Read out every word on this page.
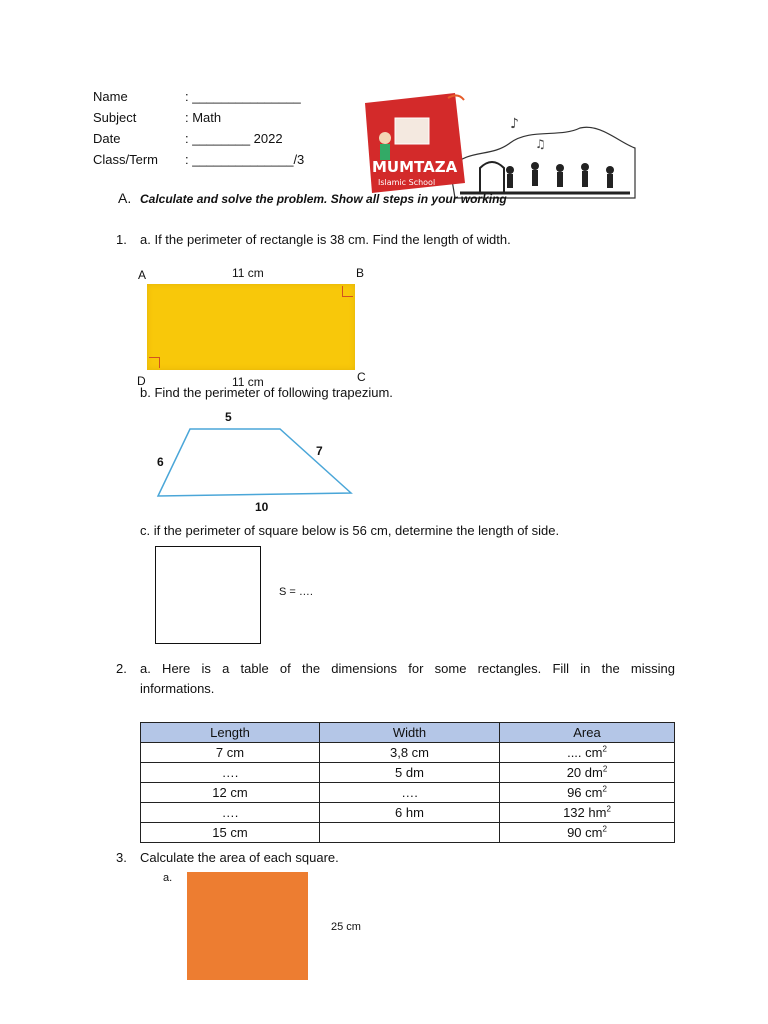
Name	: _______________
Subject	: Math
Date	: ________ 2022
Class/Term : ______________/3
♪
♫
MUMTAZA
Islamic School
A. Calculate and solve the problem. Show all steps in your working
1. a. If the perimeter of rectangle is 38 cm. Find the length of width.
A	11 cm	B
D	11 cm	C
b. Find the perimeter of following trapezium.
5
6
7
10
c. if the perimeter of square below is 56 cm, determine the length of side.
S = ….
2. a. Here is a table of the dimensions for some rectangles. Fill in the missing
informations.
Length	Width	Area
7 cm	3,8 cm	.... $cm^2$
….	5 dm	20 $dm^2$
12 cm	….	96 $cm^2$
….	6 hm	132 $hm^2$
15 cm		90 $cm^2$
3. Calculate the area of each square.
a.
25 cm
